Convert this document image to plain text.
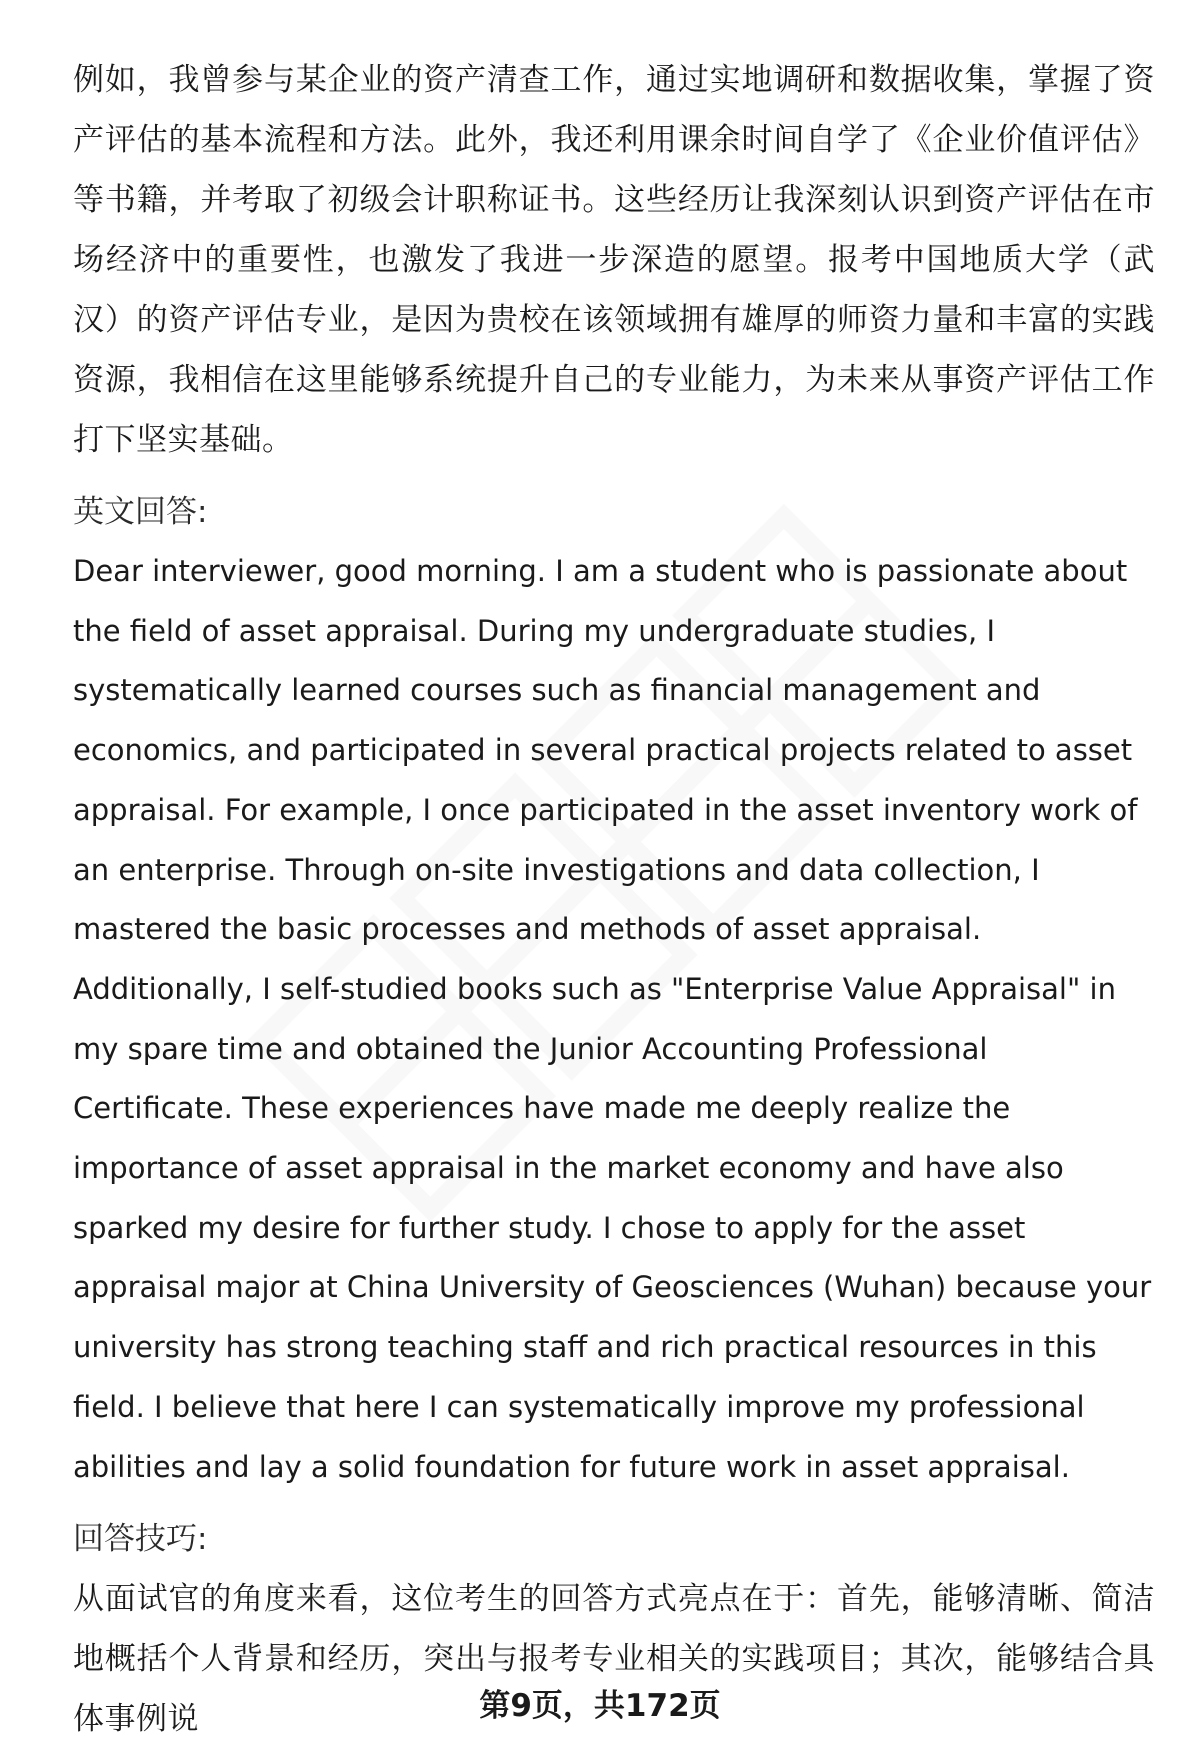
例如，我曾参与某企业的资产清查工作，通过实地调研和数据收集，掌握了资产评估的基本流程和方法。此外，我还利用课余时间自学了《企业价值评估》等书籍，并考取了初级会计职称证书。这些经历让我深刻认识到资产评估在市场经济中的重要性，也激发了我进一步深造的愿望。报考中国地质大学（武汉）的资产评估专业，是因为贵校在该领域拥有雄厚的师资力量和丰富的实践资源，我相信在这里能够系统提升自己的专业能力，为未来从事资产评估工作打下坚实基础。

英文回答:

Dear interviewer, good morning. I am a student who is passionate about the field of asset appraisal. During my undergraduate studies, I systematically learned courses such as financial management and economics, and participated in several practical projects related to asset appraisal. For example, I once participated in the asset inventory work of an enterprise. Through on-site investigations and data collection, I mastered the basic processes and methods of asset appraisal. Additionally, I self-studied books such as "Enterprise Value Appraisal" in my spare time and obtained the Junior Accounting Professional Certificate. These experiences have made me deeply realize the importance of asset appraisal in the market economy and have also sparked my desire for further study. I chose to apply for the asset appraisal major at China University of Geosciences (Wuhan) because your university has strong teaching staff and rich practical resources in this field. I believe that here I can systematically improve my professional abilities and lay a solid foundation for future work in asset appraisal.

回答技巧:

从面试官的角度来看，这位考生的回答方式亮点在于：首先，能够清晰、简洁地概括个人背景和经历，突出与报考专业相关的实践项目；其次，能够结合具体事例说	第9页，共172页
